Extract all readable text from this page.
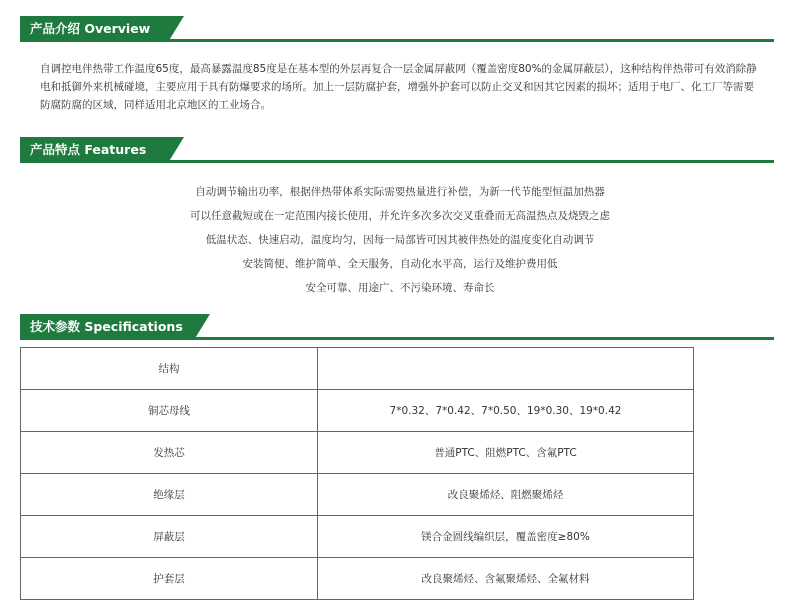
产品介绍 Overview
自调控电伴热带工作温度65度，最高暴露温度85度是在基本型的外层再复合一层金属屏蔽网（覆盖密度80%的金属屏蔽层），这种结构伴热带可有效消除静电和抵御外来机械碰境，主要应用于具有防爆要求的场所。加上一层防腐护套，增强外护套可以防止交叉和因其它因素的损坏；适用于电厂、化工厂等需要防腐防腐的区域，同样适用北京地区的工业场合。
产品特点 Features
自动调节输出功率，根据伴热带体系实际需要热量进行补偿，为新一代节能型恒温加热器
可以任意截短或在一定范围内接长使用，并允许多次多次交叉重叠而无高温热点及烧毁之虑
低温状态、快速启动，温度均匀，因每一局部皆可因其被伴热处的温度变化自动调节
安装简便、维护简单、全天服务，自动化水平高，运行及维护费用低
安全可靠、用途广、不污染环境、寿命长
技术参数 Specifications
结构	
铜芯母线	7*0.32、7*0.42、7*0.50、19*0.30、19*0.42
发热芯	普通PTC、阻燃PTC、含氟PTC
绝缘层	改良聚烯烃、阻燃聚烯烃
屏蔽层	镁合金圆线编织层，覆盖密度≥80%
护套层	改良聚烯烃、含氟聚烯烃、全氟材料
